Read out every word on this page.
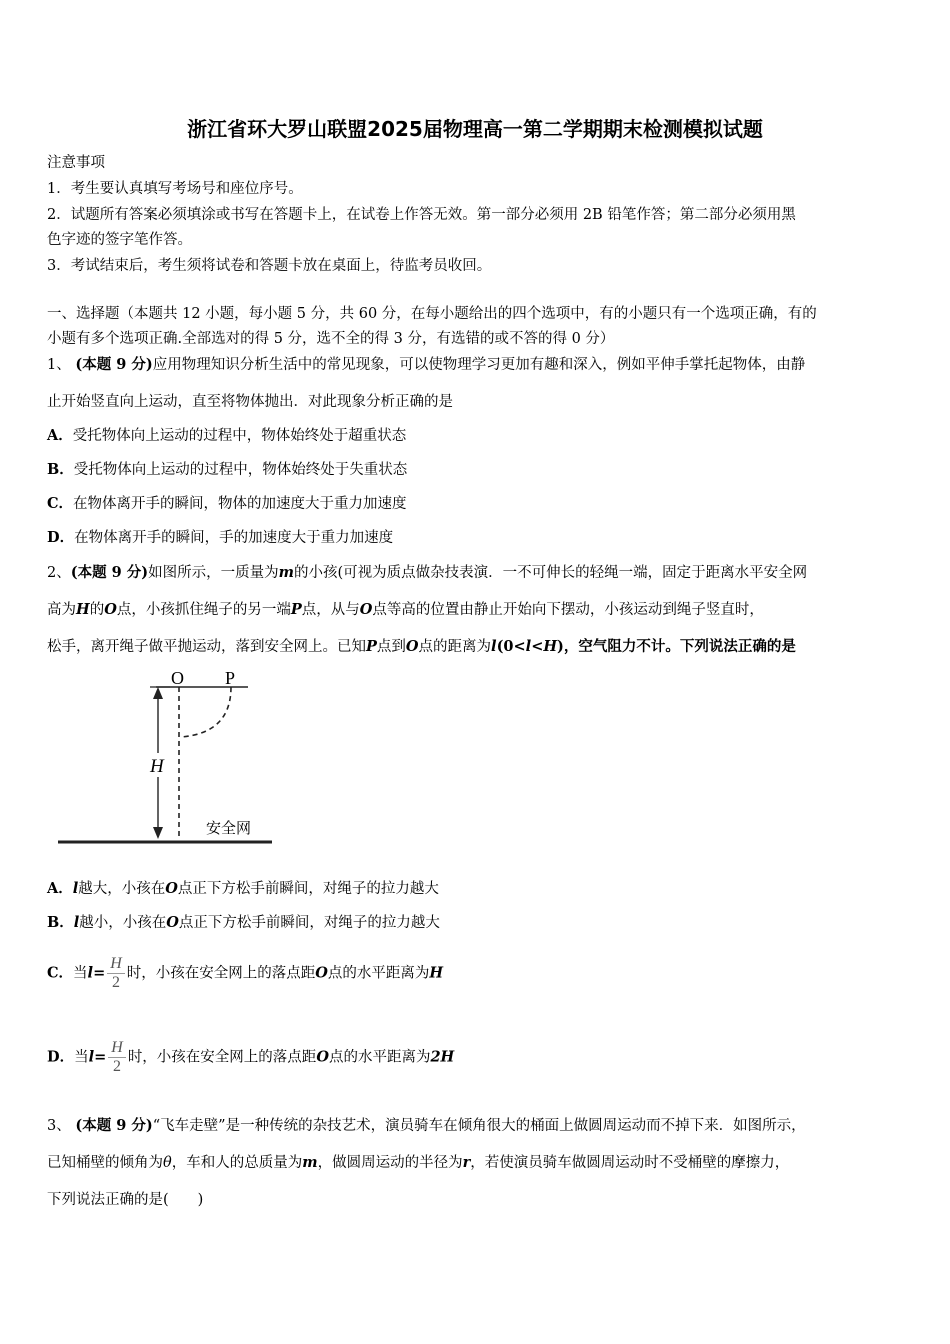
浙江省环大罗山联盟2025届物理高一第二学期期末检测模拟试题
注意事项
1．考生要认真填写考场号和座位序号。
2．试题所有答案必须填涂或书写在答题卡上，在试卷上作答无效。第一部分必须用 2B 铅笔作答；第二部分必须用黑
色字迹的签字笔作答。
3．考试结束后，考生须将试卷和答题卡放在桌面上，待监考员收回。
一、选择题（本题共 12 小题，每小题 5 分，共 60 分，在每小题给出的四个选项中，有的小题只有一个选项正确，有的
小题有多个选项正确.全部选对的得 5 分，选不全的得 3 分，有选错的或不答的得 0 分）
1、 (本题 9 分)应用物理知识分析生活中的常见现象，可以使物理学习更加有趣和深入，例如平伸手掌托起物体，由静
止开始竖直向上运动，直至将物体抛出．对此现象分析正确的是
A．受托物体向上运动的过程中，物体始终处于超重状态
B．受托物体向上运动的过程中，物体始终处于失重状态
C．在物体离开手的瞬间，物体的加速度大于重力加速度
D．在物体离开手的瞬间，手的加速度大于重力加速度
2、(本题 9 分)如图所示，一质量为m的小孩(可视为质点做杂技表演．一不可伸长的轻绳一端，固定于距离水平安全网
高为H的O点，小孩抓住绳子的另一端P点，从与O点等高的位置由静止开始向下摆动，小孩运动到绳子竖直时，
松手，离开绳子做平抛运动，落到安全网上。已知P点到O点的距离为l(0<l<H)，空气阻力不计。下列说法正确的是
H
O P
安全网
A．l越大，小孩在O点正下方松手前瞬间，对绳子的拉力越大
B．l越小，小孩在O点正下方松手前瞬间，对绳子的拉力越大
C．当$l= \frac{H}{2}$ 时，小孩在安全网上的落点距O点的水平距离为H
D．当$l= \frac{H}{2}$ 时，小孩在安全网上的落点距O点的水平距离为2H
3、 (本题 9 分)“飞车走壁”是一种传统的杂技艺术，演员骑车在倾角很大的桶面上做圆周运动而不掉下来．如图所示，
已知桶壁的倾角为θ，车和人的总质量为m，做圆周运动的半径为r，若使演员骑车做圆周运动时不受桶壁的摩擦力，
下列说法正确的是(　　)
